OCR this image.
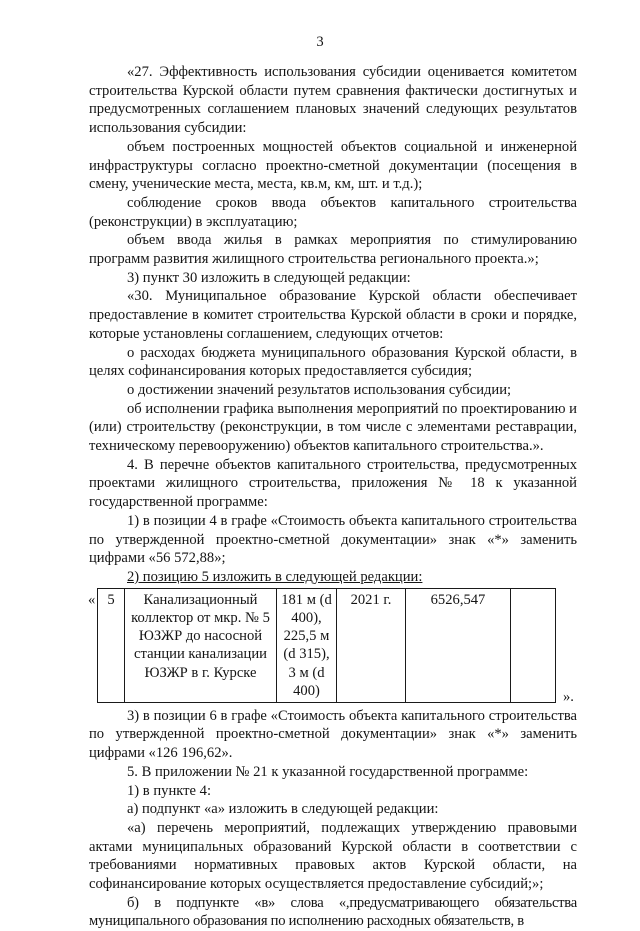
3

«27. Эффективность использования субсидии оценивается комитетом строительства Курской области путем сравнения фактически достигнутых и предусмотренных соглашением плановых значений следующих результатов использования субсидии:

объем построенных мощностей объектов социальной и инженерной инфраструктуры согласно проектно-сметной документации (посещения в смену, ученические места, места, кв.м, км, шт. и т.д.);

соблюдение сроков ввода объектов капитального строительства (реконструкции) в эксплуатацию;

объем ввода жилья в рамках мероприятия по стимулированию программ развития жилищного строительства регионального проекта.»;

3) пункт 30 изложить в следующей редакции:

«30. Муниципальное образование Курской области обеспечивает предоставление в комитет строительства Курской области в сроки и порядке, которые установлены соглашением, следующих отчетов:

о расходах бюджета муниципального образования Курской области, в целях софинансирования которых предоставляется субсидия;

о достижении значений результатов использования субсидии;

об исполнении графика выполнения мероприятий по проектированию и (или) строительству (реконструкции, в том числе с элементами реставрации, техническому перевооружению) объектов капитального строительства.».

4. В перечне объектов капитального строительства, предусмотренных проектами жилищного строительства, приложения № 18 к указанной государственной программе:

1) в позиции 4 в графе «Стоимость объекта капитального строительства по утвержденной проектно-сметной документации» знак «*» заменить цифрами «56 572,88»;

2) позицию 5 изложить в следующей редакции:

« 5	Канализационный коллектор от мкр. № 5 ЮЗЖР до насосной станции канализации ЮЗЖР в г. Курске	181 м (d 400), 225,5 м (d 315), 3 м (d 400)	2021 г.	6526,547	
».

3) в позиции 6 в графе «Стоимость объекта капитального строительства по утвержденной проектно-сметной документации» знак «*» заменить цифрами «126 196,62».

5. В приложении № 21 к указанной государственной программе:

1) в пункте 4:

а) подпункт «а» изложить в следующей редакции:

«а) перечень мероприятий, подлежащих утверждению правовыми актами муниципальных образований Курской области в соответствии с требованиями нормативных правовых актов Курской области, на софинансирование которых осуществляется предоставление субсидий;»;

б) в подпункте «в» слова «,предусматривающего обязательства муниципального образования по исполнению расходных обязательств, в
